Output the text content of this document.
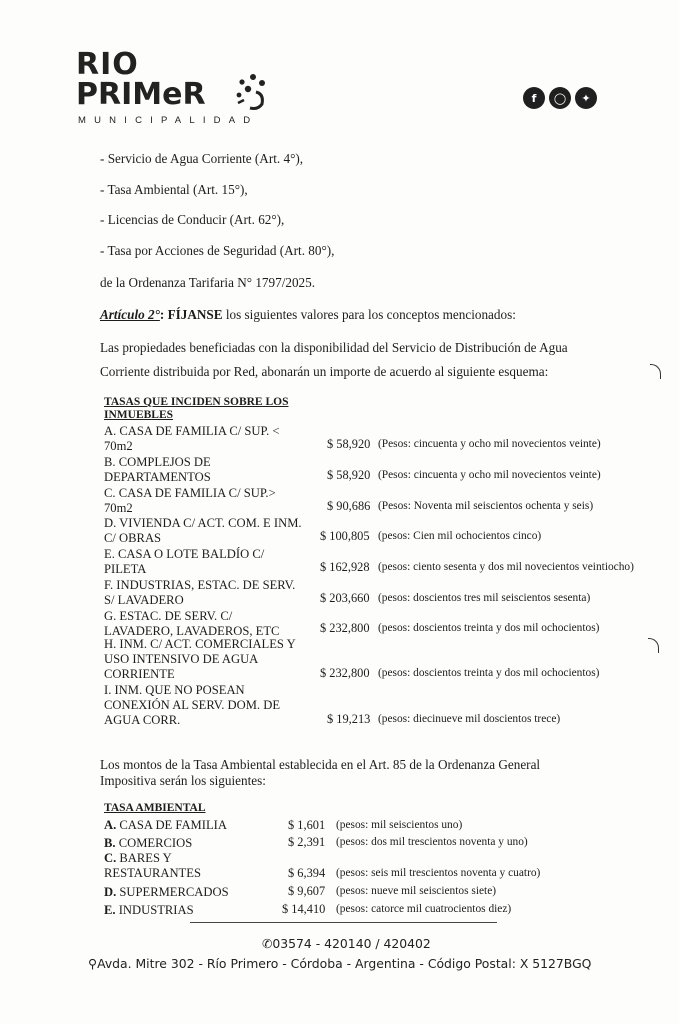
RIO
PRIMeR
MUNICIPALIDAD
f	◯	✦
- Servicio de Agua Corriente (Art. 4°),
- Tasa Ambiental (Art. 15°),
- Licencias de Conducir (Art. 62°),
- Tasa por Acciones de Seguridad (Art. 80°),
de la Ordenanza Tarifaria N° 1797/2025.
Artículo 2°: FÍJANSE los siguientes valores para los conceptos mencionados:
Las propiedades beneficiadas con la disponibilidad del Servicio de Distribución de Agua
Corriente distribuida por Red, abonarán un importe de acuerdo al siguiente esquema:
TASAS QUE INCIDEN SOBRE LOS
INMUEBLES
A. CASA DE FAMILIA C/ SUP. <
70m2	$ 58,920 (Pesos: cincuenta y ocho mil novecientos veinte)
B. COMPLEJOS DE
DEPARTAMENTOS	$ 58,920 (Pesos: cincuenta y ocho mil novecientos veinte)
C. CASA DE FAMILIA C/ SUP.>
70m2	$ 90,686 (Pesos: Noventa mil seiscientos ochenta y seis)
D. VIVIENDA C/ ACT. COM. E INM.
C/ OBRAS	$ 100,805 (pesos: Cien mil ochocientos cinco)
E. CASA O LOTE BALDÍO C/
PILETA	$ 162,928 (pesos: ciento sesenta y dos mil novecientos veintiocho)
F. INDUSTRIAS, ESTAC. DE SERV.
S/ LAVADERO	$ 203,660 (pesos: doscientos tres mil seiscientos sesenta)
G. ESTAC. DE SERV. C/
LAVADERO, LAVADEROS, ETC	$ 232,800 (pesos: doscientos treinta y dos mil ochocientos)
H. INM. C/ ACT. COMERCIALES Y
USO INTENSIVO DE AGUA
CORRIENTE	$ 232,800 (pesos: doscientos treinta y dos mil ochocientos)
I. INM. QUE NO POSEAN
CONEXIÓN AL SERV. DOM. DE
AGUA CORR.	$ 19,213 (pesos: diecinueve mil doscientos trece)
Los montos de la Tasa Ambiental establecida en el Art. 85 de la Ordenanza General
Impositiva serán los siguientes:
TASA AMBIENTAL
A. CASA DE FAMILIA	$ 1,601 (pesos: mil seiscientos uno)
B. COMERCIOS	$ 2,391 (pesos: dos mil trescientos noventa y uno)
C. BARES Y
RESTAURANTES	$ 6,394 (pesos: seis mil trescientos noventa y cuatro)
D. SUPERMERCADOS	$ 9,607 (pesos: nueve mil seiscientos siete)
E. INDUSTRIAS	$ 14,410 (pesos: catorce mil cuatrocientos diez)
✆03574 - 420140 / 420402
⚲Avda. Mitre 302 - Río Primero - Córdoba - Argentina - Código Postal: X 5127BGQ
